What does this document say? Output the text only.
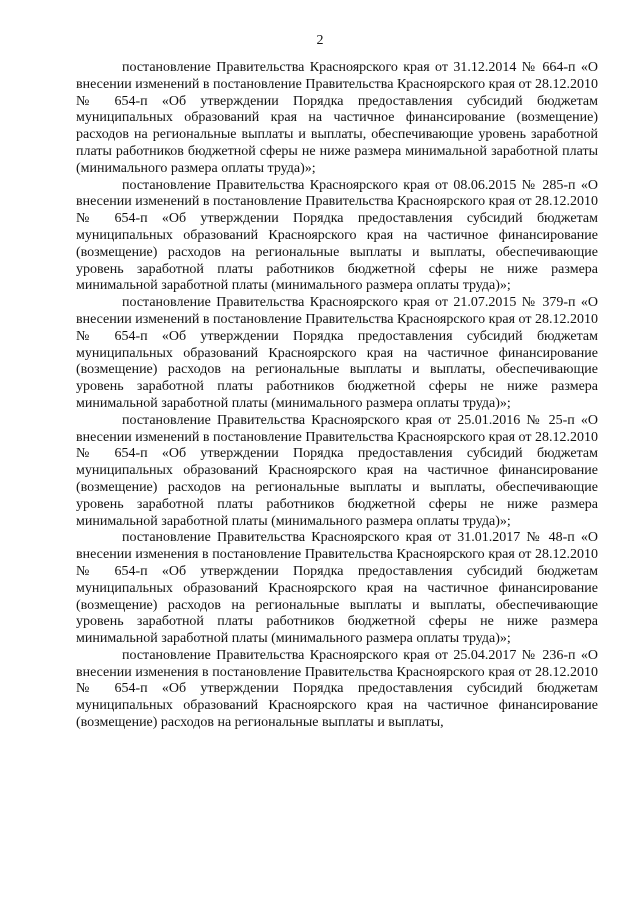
2

постановление Правительства Красноярского края от 31.12.2014 № 664-п «О внесении изменений в постановление Правительства Красноярского края от 28.12.2010 № 654-п «Об утверждении Порядка предоставления субсидий бюджетам муниципальных образований края на частичное финансирование (возмещение) расходов на региональные выплаты и выплаты, обеспечивающие уровень заработной платы работников бюджетной сферы не ниже размера минимальной заработной платы (минимального размера оплаты труда)»;

постановление Правительства Красноярского края от 08.06.2015 № 285-п «О внесении изменений в постановление Правительства Красноярского края от 28.12.2010 № 654-п «Об утверждении Порядка предоставления субсидий бюджетам муниципальных образований Красноярского края на частичное финансирование (возмещение) расходов на региональные выплаты и выплаты, обеспечивающие уровень заработной платы работников бюджетной сферы не ниже размера минимальной заработной платы (минимального размера оплаты труда)»;

постановление Правительства Красноярского края от 21.07.2015 № 379-п «О внесении изменений в постановление Правительства Красноярского края от 28.12.2010 № 654-п «Об утверждении Порядка предоставления субсидий бюджетам муниципальных образований Красноярского края на частичное финансирование (возмещение) расходов на региональные выплаты и выплаты, обеспечивающие уровень заработной платы работников бюджетной сферы не ниже размера минимальной заработной платы (минимального размера оплаты труда)»;

постановление Правительства Красноярского края от 25.01.2016 № 25-п «О внесении изменений в постановление Правительства Красноярского края от 28.12.2010 № 654-п «Об утверждении Порядка предоставления субсидий бюджетам муниципальных образований Красноярского края на частичное финансирование (возмещение) расходов на региональные выплаты и выплаты, обеспечивающие уровень заработной платы работников бюджетной сферы не ниже размера минимальной заработной платы (минимального размера оплаты труда)»;

постановление Правительства Красноярского края от 31.01.2017 № 48-п «О внесении изменения в постановление Правительства Красноярского края от 28.12.2010 № 654-п «Об утверждении Порядка предоставления субсидий бюджетам муниципальных образований Красноярского края на частичное финансирование (возмещение) расходов на региональные выплаты и выплаты, обеспечивающие уровень заработной платы работников бюджетной сферы не ниже размера минимальной заработной платы (минимального размера оплаты труда)»;

постановление Правительства Красноярского края от 25.04.2017 № 236-п «О внесении изменения в постановление Правительства Красноярского края от 28.12.2010 № 654-п «Об утверждении Порядка предоставления субсидий бюджетам муниципальных образований Красноярского края на частичное финансирование (возмещение) расходов на региональные выплаты и выплаты,
